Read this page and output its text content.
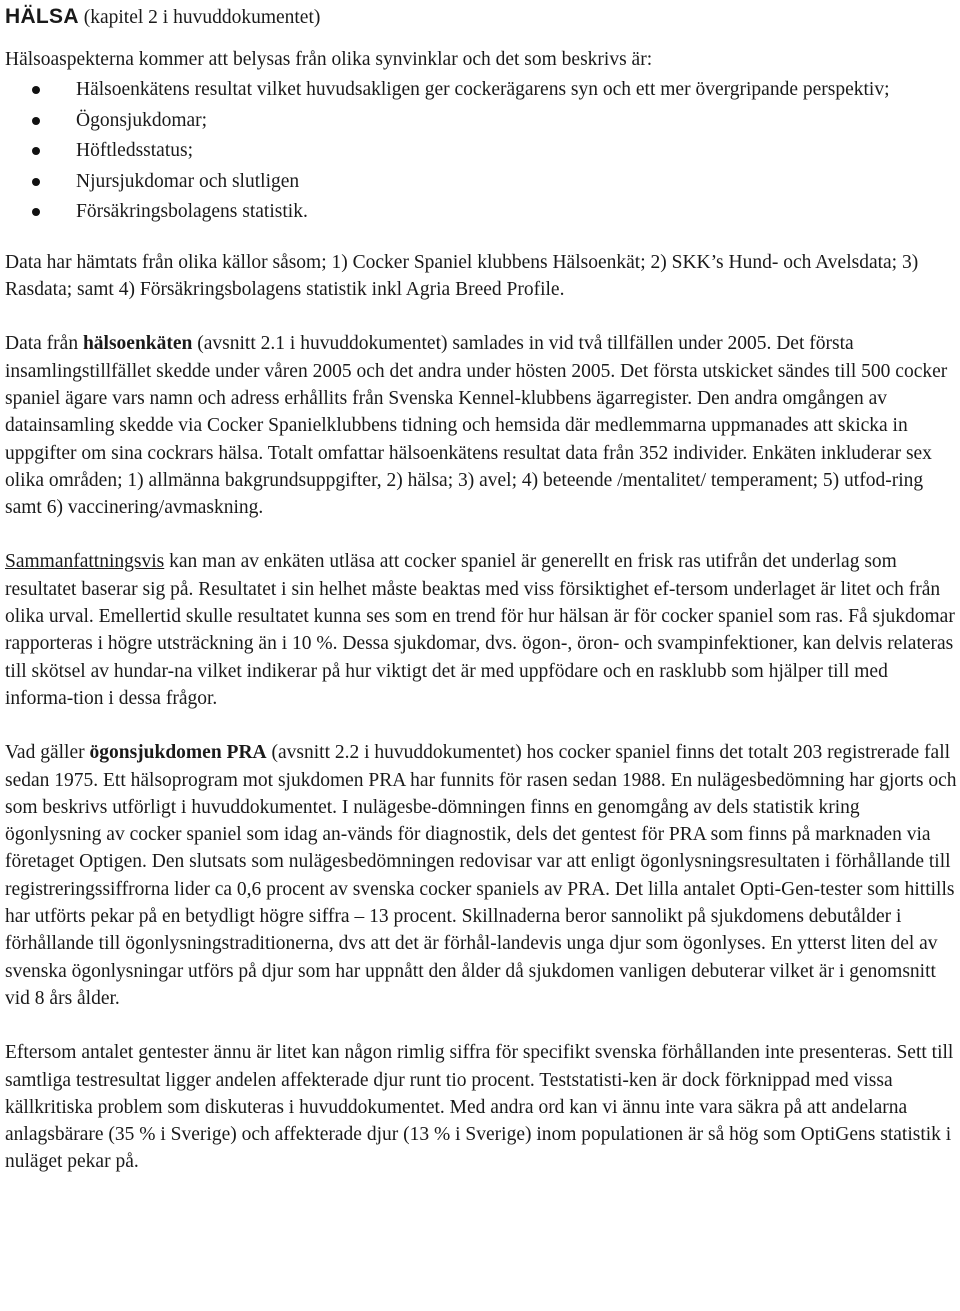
HÄLSA (kapitel 2 i huvuddokumentet)

Hälsoaspekterna kommer att belysas från olika synvinklar och det som beskrivs är:

Hälsoenkätens resultat vilket huvudsakligen ger cockerägarens syn och ett mer övergripande perspektiv;
Ögonsjukdomar;
Höftledsstatus;
Njursjukdomar och slutligen
Försäkringsbolagens statistik.

Data har hämtats från olika källor såsom; 1) Cocker Spaniel klubbens Hälsoenkät; 2) SKK’s Hund- och Avelsdata; 3) Rasdata; samt 4) Försäkringsbolagens statistik inkl Agria Breed Profile.

Data från hälsoenkäten (avsnitt 2.1 i huvuddokumentet) samlades in vid två tillfällen under 2005. Det första insamlingstillfället skedde under våren 2005 och det andra under hösten 2005. Det första utskicket sändes till 500 cocker spaniel ägare vars namn och adress erhållits från Svenska Kennel-klubbens ägarregister. Den andra omgången av datainsamling skedde via Cocker Spanielklubbens tidning och hemsida där medlemmarna uppmanades att skicka in uppgifter om sina cockrars hälsa. Totalt omfattar hälsoenkätens resultat data från 352 individer. Enkäten inkluderar sex olika områden; 1) allmänna bakgrundsuppgifter, 2) hälsa; 3) avel; 4) beteende /mentalitet/ temperament; 5) utfod-ring samt 6) vaccinering/avmaskning.

Sammanfattningsvis kan man av enkäten utläsa att cocker spaniel är generellt en frisk ras utifrån det underlag som resultatet baserar sig på. Resultatet i sin helhet måste beaktas med viss försiktighet ef-tersom underlaget är litet och från olika urval. Emellertid skulle resultatet kunna ses som en trend för hur hälsan är för cocker spaniel som ras. Få sjukdomar rapporteras i högre utsträckning än i 10 %. Dessa sjukdomar, dvs. ögon-, öron- och svampinfektioner, kan delvis relateras till skötsel av hundar-na vilket indikerar på hur viktigt det är med uppfödare och en rasklubb som hjälper till med informa-tion i dessa frågor.

Vad gäller ögonsjukdomen PRA (avsnitt 2.2 i huvuddokumentet) hos cocker spaniel finns det totalt 203 registrerade fall sedan 1975. Ett hälsoprogram mot sjukdomen PRA har funnits för rasen sedan 1988. En nulägesbedömning har gjorts och som beskrivs utförligt i huvuddokumentet. I nulägesbe-dömningen finns en genomgång av dels statistik kring ögonlysning av cocker spaniel som idag an-vänds för diagnostik, dels det gentest för PRA som finns på marknaden via företaget Optigen. Den slutsats som nulägesbedömningen redovisar var att enligt ögonlysningsresultaten i förhållande till registreringssiffrorna lider ca 0,6 procent av svenska cocker spaniels av PRA. Det lilla antalet Opti-Gen-tester som hittills har utförts pekar på en betydligt högre siffra – 13 procent. Skillnaderna beror sannolikt på sjukdomens debutålder i förhållande till ögonlysningstraditionerna, dvs att det är förhål-landevis unga djur som ögonlyses. En ytterst liten del av svenska ögonlysningar utförs på djur som har uppnått den ålder då sjukdomen vanligen debuterar vilket är i genomsnitt vid 8 års ålder.

Eftersom antalet gentester ännu är litet kan någon rimlig siffra för specifikt svenska förhållanden inte presenteras. Sett till samtliga testresultat ligger andelen affekterade djur runt tio procent. Teststatisti-ken är dock förknippad med vissa källkritiska problem som diskuteras i huvuddokumentet. Med andra ord kan vi ännu inte vara säkra på att andelarna anlagsbärare (35 % i Sverige) och affekterade djur (13 % i Sverige) inom populationen är så hög som OptiGens statistik i nuläget pekar på.
